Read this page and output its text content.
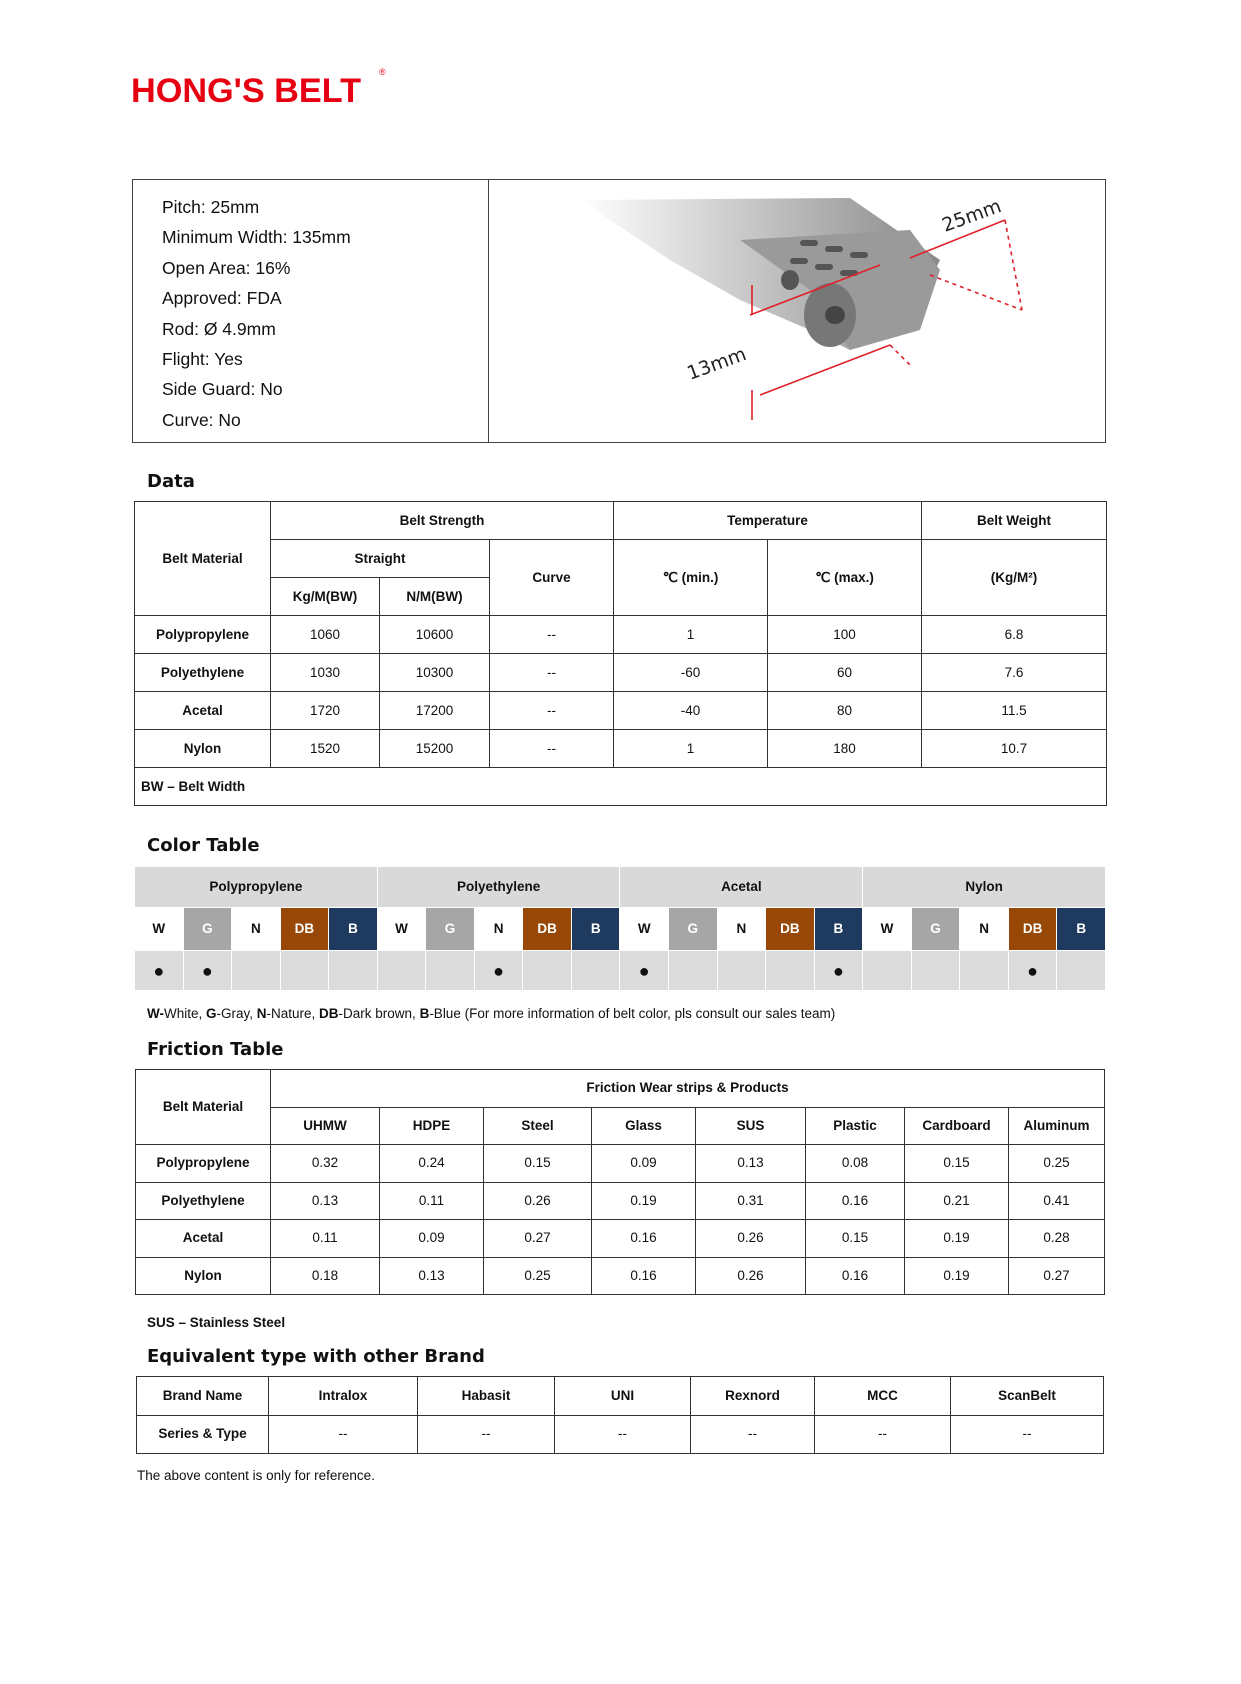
HONG'S BELT ®
Pitch: 25mm
Minimum Width: 135mm
Open Area: 16%
Approved: FDA
Rod: Ø 4.9mm
Flight: Yes
Side Guard: No
Curve: No
25mm
13mm
Data
Belt Material	Belt Strength			Temperature		Belt Weight
	Straight		Curve	℃ (min.)	℃ (max.)	(Kg/M²)
	Kg/M(BW)	N/M(BW)				
Polypropylene	1060	10600	--	1	100	6.8
Polyethylene	1030	10300	--	-60	60	7.6
Acetal	1720	17200	--	-40	80	11.5
Nylon	1520	15200	--	1	180	10.7
BW – Belt Width						
Color Table
Polypropylene					Polyethylene					Acetal					Nylon				
W	G	N	DB	B	W	G	N	DB	B	W	G	N	DB	B	W	G	N	DB	B
●	●						●			●				●				●	
W-White, G-Gray, N-Nature, DB-Dark brown, B-Blue (For more information of belt color, pls consult our sales team)
Friction Table
Belt Material	Friction Wear strips & Products							
	UHMW	HDPE	Steel	Glass	SUS	Plastic	Cardboard	Aluminum
Polypropylene	0.32	0.24	0.15	0.09	0.13	0.08	0.15	0.25
Polyethylene	0.13	0.11	0.26	0.19	0.31	0.16	0.21	0.41
Acetal	0.11	0.09	0.27	0.16	0.26	0.15	0.19	0.28
Nylon	0.18	0.13	0.25	0.16	0.26	0.16	0.19	0.27
SUS – Stainless Steel
Equivalent type with other Brand
Brand Name	Intralox	Habasit	UNI	Rexnord	MCC	ScanBelt
Series & Type	--	--	--	--	--	--
The above content is only for reference.
